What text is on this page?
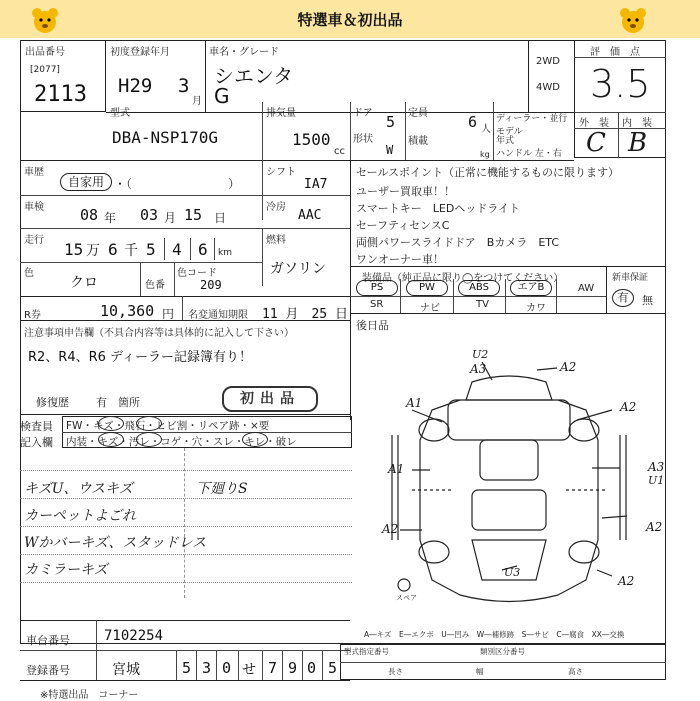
特選車＆初出品
出品番号
[2077]
2113
初度登録年月
H29 3
月
車名・グレード
シエンタ
G
2WD
4WD
評　価　点
3.5
外　装 内　装
C B
型式
DBA-NSP170G
排気量
1500
cc
ドア 5
形状
W
定員	6 人
積載
kg
ディーラー・並行
モデル
年式
ハンドル 左・右
車歴
自家用 ・（　　　　　　　　）
シフト
IA7
車検 08 年 03 月 15 日
冷房
AAC
走行 15 万 6 千 5 4 6 km
燃料
ガソリン
色
クロ	色番
色コード
209
R券	10,360 円 名変通知期限 11 月　25 日
セールスポイント（正常に機能するものに限ります）
ユーザー買取車！！
スマートキー　LEDヘッドライト
セーフティセンスC
両側パワースライドドア　Bカメラ　ETC
ワンオーナー車！
装備品（純正品に限り◯をつけてください）
PS	PW	ABS	エアB	AW
SR	ナビ	TV	カワ
新車保証
有	無
後日品
注意事項申告欄（不具合内容等は具体的に記入して下さい）
R2、R4、R6 ディーラー記録簿有り！
修復歴 有　箇所	初出品
検査員
記入欄
FW・キズ・飛石・ヒビ割・リペア跡・×要
内装・キズ・汚レ・コゲ・穴・スレ・キレ・破レ
キズU、ウスキズ	下廻りS
カーペットよごれ
Wかバーキズ、スタッドレス
カミラーキズ
U2
A3	A2
A1	A2
A1	A3
U1
A2	A2
A2
U3
スペア
A―キズ　E―エクボ　U―凹み　W―補修跡　S―サビ　C―腐食　XX―交換
車台番号 7102254
登録番号	宮城	5 3 0 せ 7 9 0 5
型式指定番号	類別区分番号
長さ	幅	高さ
※特選出品　コーナー
